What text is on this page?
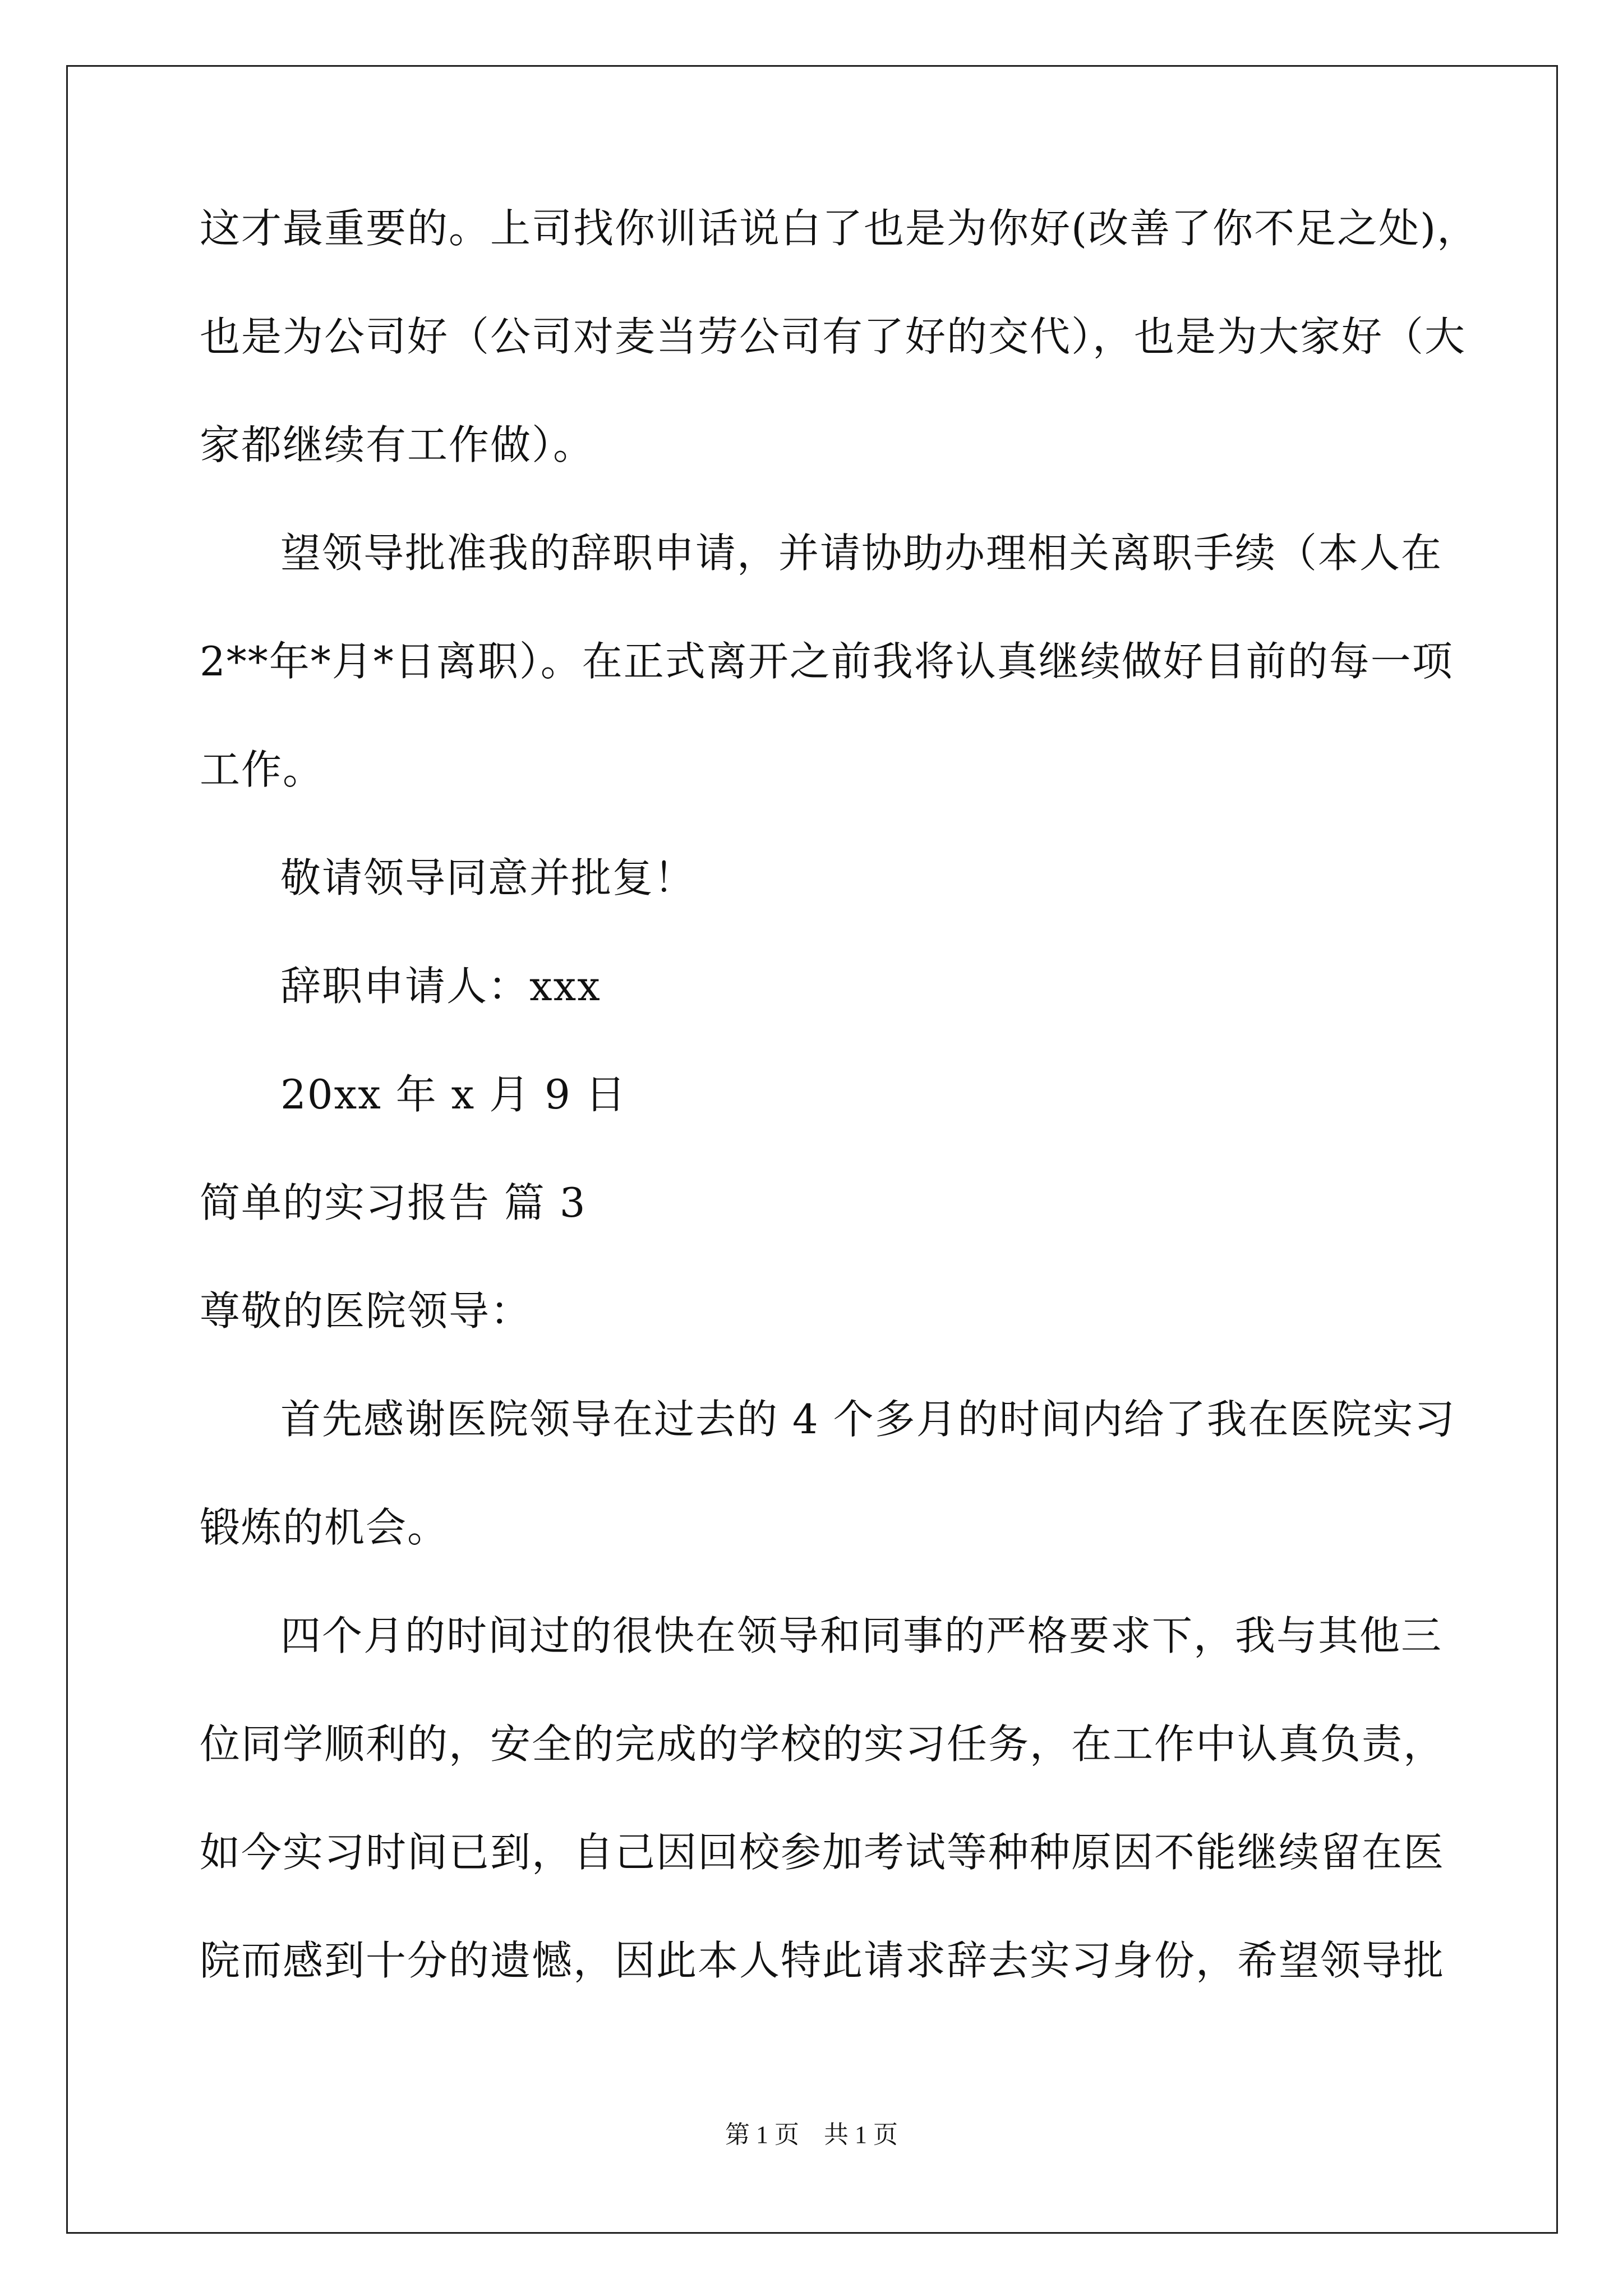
这才最重要的。上司找你训话说白了也是为你好(改善了你不足之处)，
也是为公司好（公司对麦当劳公司有了好的交代），也是为大家好（大
家都继续有工作做）。
望领导批准我的辞职申请，并请协助办理相关离职手续（本人在
2**年*月*日离职）。在正式离开之前我将认真继续做好目前的每一项
工作。
敬请领导同意并批复！
辞职申请人：xxx
20xx 年 x 月 9 日
简单的实习报告 篇 3
尊敬的医院领导：
首先感谢医院领导在过去的 4 个多月的时间内给了我在医院实习
锻炼的机会。
四个月的时间过的很快在领导和同事的严格要求下，我与其他三
位同学顺利的，安全的完成的学校的实习任务，在工作中认真负责，
如今实习时间已到，自己因回校参加考试等种种原因不能继续留在医
院而感到十分的遗憾，因此本人特此请求辞去实习身份，希望领导批
第 1 页　共 1 页
